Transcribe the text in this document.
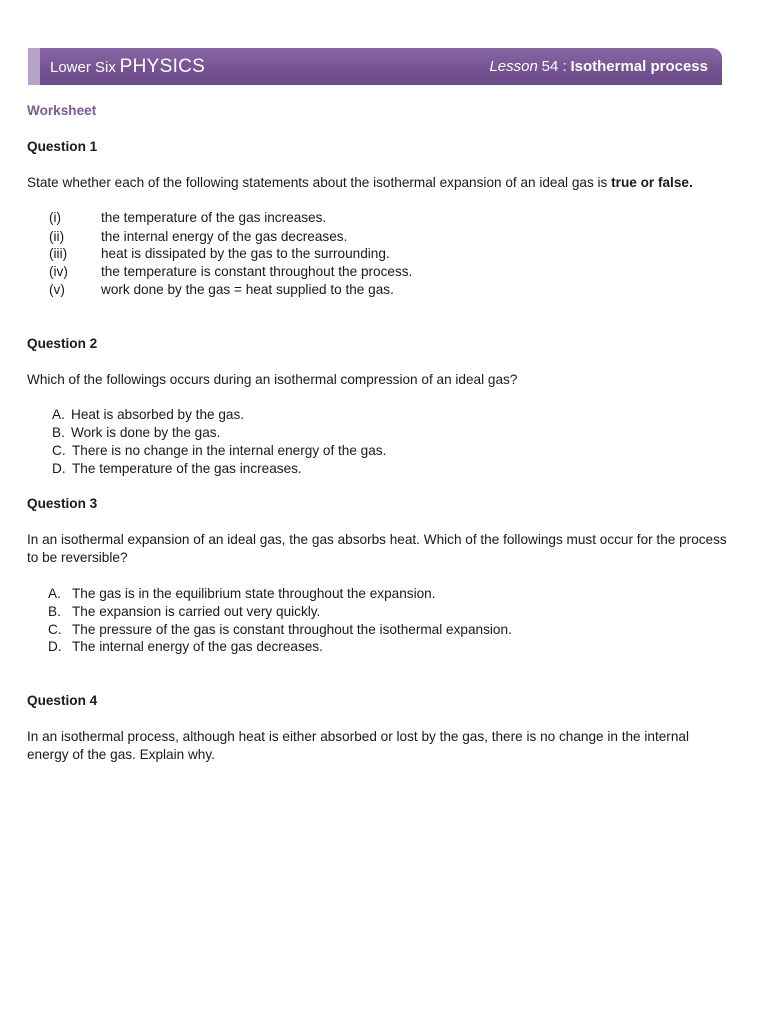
Lower Six PHYSICS	Lesson 54 : Isothermal process
Worksheet
Question 1
State whether each of the following statements about the isothermal expansion of an ideal gas is true or false.
(i)	the temperature of the gas increases.
(ii)	the internal energy of the gas decreases.
(iii) heat is dissipated by the gas to the surrounding.
(iv) the temperature is constant throughout the process.
(v)	work done by the gas = heat supplied to the gas.
Question 2
Which of the followings occurs during an isothermal compression of an ideal gas?
A. Heat is absorbed by the gas.
B. Work is done by the gas.
C. There is no change in the internal energy of the gas.
D. The temperature of the gas increases.
Question 3
In an isothermal expansion of an ideal gas, the gas absorbs heat. Which of the followings must occur for the process to be reversible?
A. The gas is in the equilibrium state throughout the expansion.
B. The expansion is carried out very quickly.
C. The pressure of the gas is constant throughout the isothermal expansion.
D. The internal energy of the gas decreases.
Question 4
In an isothermal process, although heat is either absorbed or lost by the gas, there is no change in the internal energy of the gas. Explain why.
